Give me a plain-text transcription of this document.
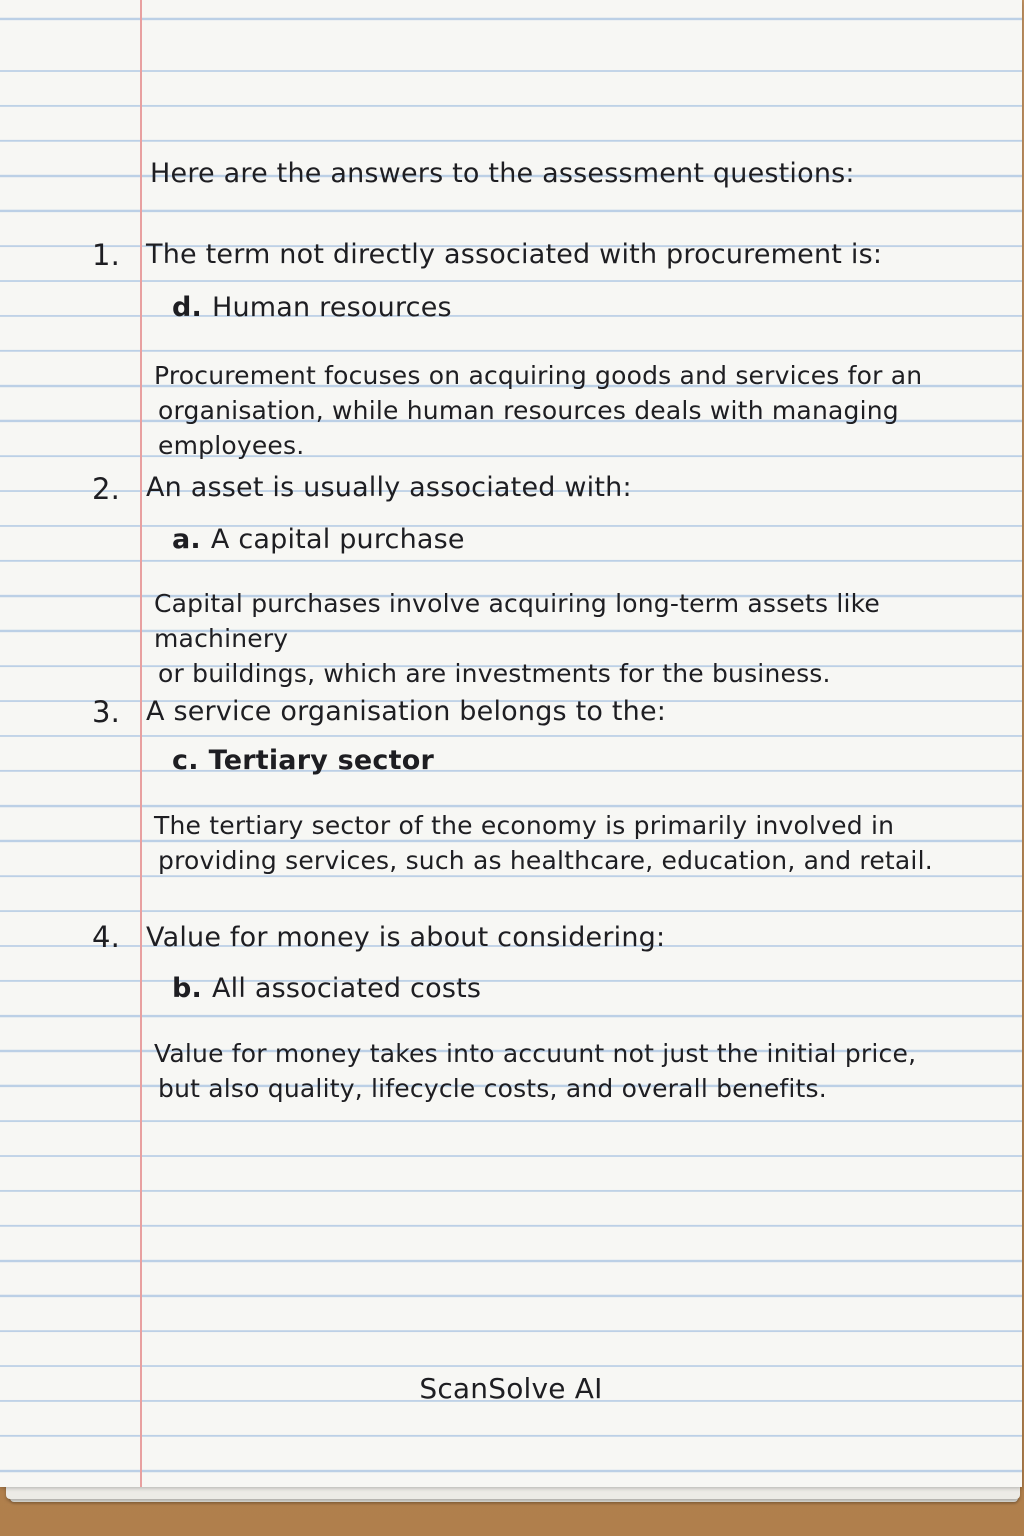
Here are the answers to the assessment questions:
1. The term not directly associated with procurement is:
d. Human resources
Procurement focuses on acquiring goods and services for an
organisation, while human resources deals with managing employees.
2. An asset is usually associated with:
a. A capital purchase
Capital purchases involve acquiring long-term assets like machinery
or buildings, which are investments for the business.
3. A service organisation belongs to the:
c. Tertiary sector
The tertiary sector of the economy is primarily involved in
providing services, such as healthcare, education, and retail.
4. Value for money is about considering:
b. All associated costs
Value for money takes into accuunt not just the initial price,
but also quality, lifecycle costs, and overall benefits.
ScanSolve AI
